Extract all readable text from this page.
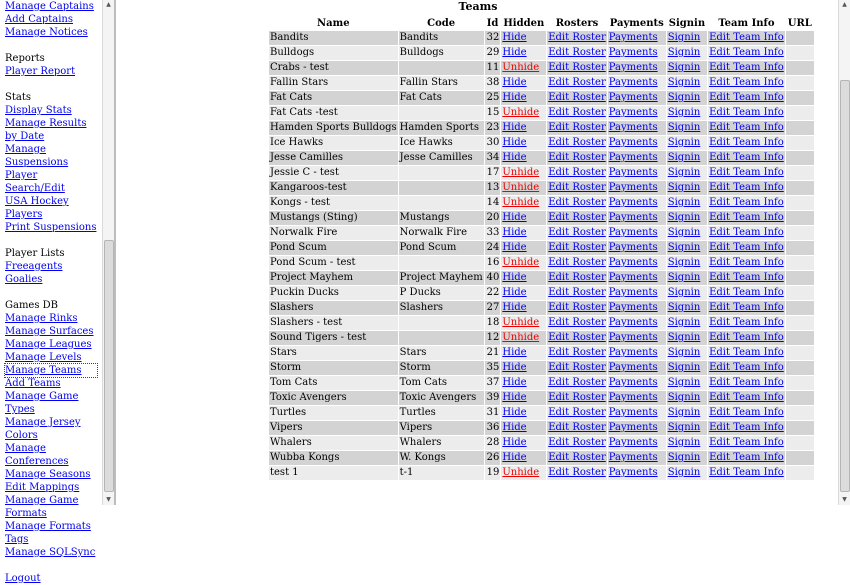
Manage Captains
Add Captains
Manage Notices
Reports
Player Report
Stats
Display Stats
Manage Results by Date
Manage Suspensions
Player Search/Edit
USA Hockey Players
Print Suspensions
Player Lists
Freeagents
Goalies
Games DB
Manage Rinks
Manage Surfaces
Manage Leagues
Manage Levels
Manage Teams
Add Teams
Manage Game Types
Manage Jersey Colors
Manage Conferences
Manage Seasons
Edit Mappings
Manage Game Formats
Manage Formats Tags
Manage SQLSync
Logout
▲
▼
Teams
Name	Code	Id	Hidden	Rosters	Payments	Signin	Team Info	URL
Bandits	Bandits	32	Hide	Edit Roster	Payments	Signin	Edit Team Info	
Bulldogs	Bulldogs	29	Hide	Edit Roster	Payments	Signin	Edit Team Info	
Crabs - test		11	Unhide	Edit Roster	Payments	Signin	Edit Team Info	
Fallin Stars	Fallin Stars	38	Hide	Edit Roster	Payments	Signin	Edit Team Info	
Fat Cats	Fat Cats	25	Hide	Edit Roster	Payments	Signin	Edit Team Info	
Fat Cats -test		15	Unhide	Edit Roster	Payments	Signin	Edit Team Info	
Hamden Sports Bulldogs	Hamden Sports	23	Hide	Edit Roster	Payments	Signin	Edit Team Info	
Ice Hawks	Ice Hawks	30	Hide	Edit Roster	Payments	Signin	Edit Team Info	
Jesse Camilles	Jesse Camilles	34	Hide	Edit Roster	Payments	Signin	Edit Team Info	
Jessie C - test		17	Unhide	Edit Roster	Payments	Signin	Edit Team Info	
Kangaroos-test		13	Unhide	Edit Roster	Payments	Signin	Edit Team Info	
Kongs - test		14	Unhide	Edit Roster	Payments	Signin	Edit Team Info	
Mustangs (Sting)	Mustangs	20	Hide	Edit Roster	Payments	Signin	Edit Team Info	
Norwalk Fire	Norwalk Fire	33	Hide	Edit Roster	Payments	Signin	Edit Team Info	
Pond Scum	Pond Scum	24	Hide	Edit Roster	Payments	Signin	Edit Team Info	
Pond Scum - test		16	Unhide	Edit Roster	Payments	Signin	Edit Team Info	
Project Mayhem	Project Mayhem	40	Hide	Edit Roster	Payments	Signin	Edit Team Info	
Puckin Ducks	P Ducks	22	Hide	Edit Roster	Payments	Signin	Edit Team Info	
Slashers	Slashers	27	Hide	Edit Roster	Payments	Signin	Edit Team Info	
Slashers - test		18	Unhide	Edit Roster	Payments	Signin	Edit Team Info	
Sound Tigers - test		12	Unhide	Edit Roster	Payments	Signin	Edit Team Info	
Stars	Stars	21	Hide	Edit Roster	Payments	Signin	Edit Team Info	
Storm	Storm	35	Hide	Edit Roster	Payments	Signin	Edit Team Info	
Tom Cats	Tom Cats	37	Hide	Edit Roster	Payments	Signin	Edit Team Info	
Toxic Avengers	Toxic Avengers	39	Hide	Edit Roster	Payments	Signin	Edit Team Info	
Turtles	Turtles	31	Hide	Edit Roster	Payments	Signin	Edit Team Info	
Vipers	Vipers	36	Hide	Edit Roster	Payments	Signin	Edit Team Info	
Whalers	Whalers	28	Hide	Edit Roster	Payments	Signin	Edit Team Info	
Wubba Kongs	W. Kongs	26	Hide	Edit Roster	Payments	Signin	Edit Team Info	
test 1	t-1	19	Unhide	Edit Roster	Payments	Signin	Edit Team Info	
▲
▼
